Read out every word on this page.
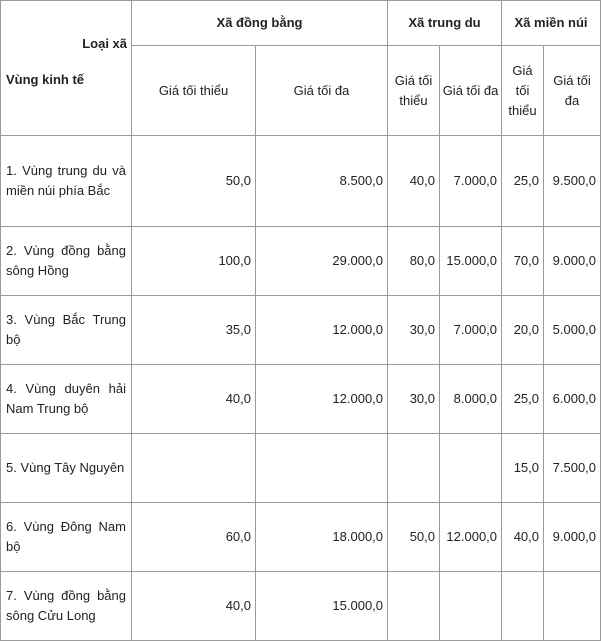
Loại xã
Vùng kinh tế	Xã đồng bằng		Xã trung du		Xã miền núi	
	Giá tối thiểu	Giá tối đa	Giá tối thiểu	Giá tối đa	Giá tối thiểu	Giá tối đa
1. Vùng trung du và miền núi phía Bắc	50,0	8.500,0	40,0	7.000,0	25,0	9.500,0
2. Vùng đồng bằng sông Hồng	100,0	29.000,0	80,0	15.000,0	70,0	9.000,0
3. Vùng Bắc Trung bộ	35,0	12.000,0	30,0	7.000,0	20,0	5.000,0
4. Vùng duyên hải Nam Trung bộ	40,0	12.000,0	30,0	8.000,0	25,0	6.000,0
5. Vùng Tây Nguyên					15,0	7.500,0
6. Vùng Đông Nam bộ	60,0	18.000,0	50,0	12.000,0	40,0	9.000,0
7. Vùng đồng bằng sông Cửu Long	40,0	15.000,0				
